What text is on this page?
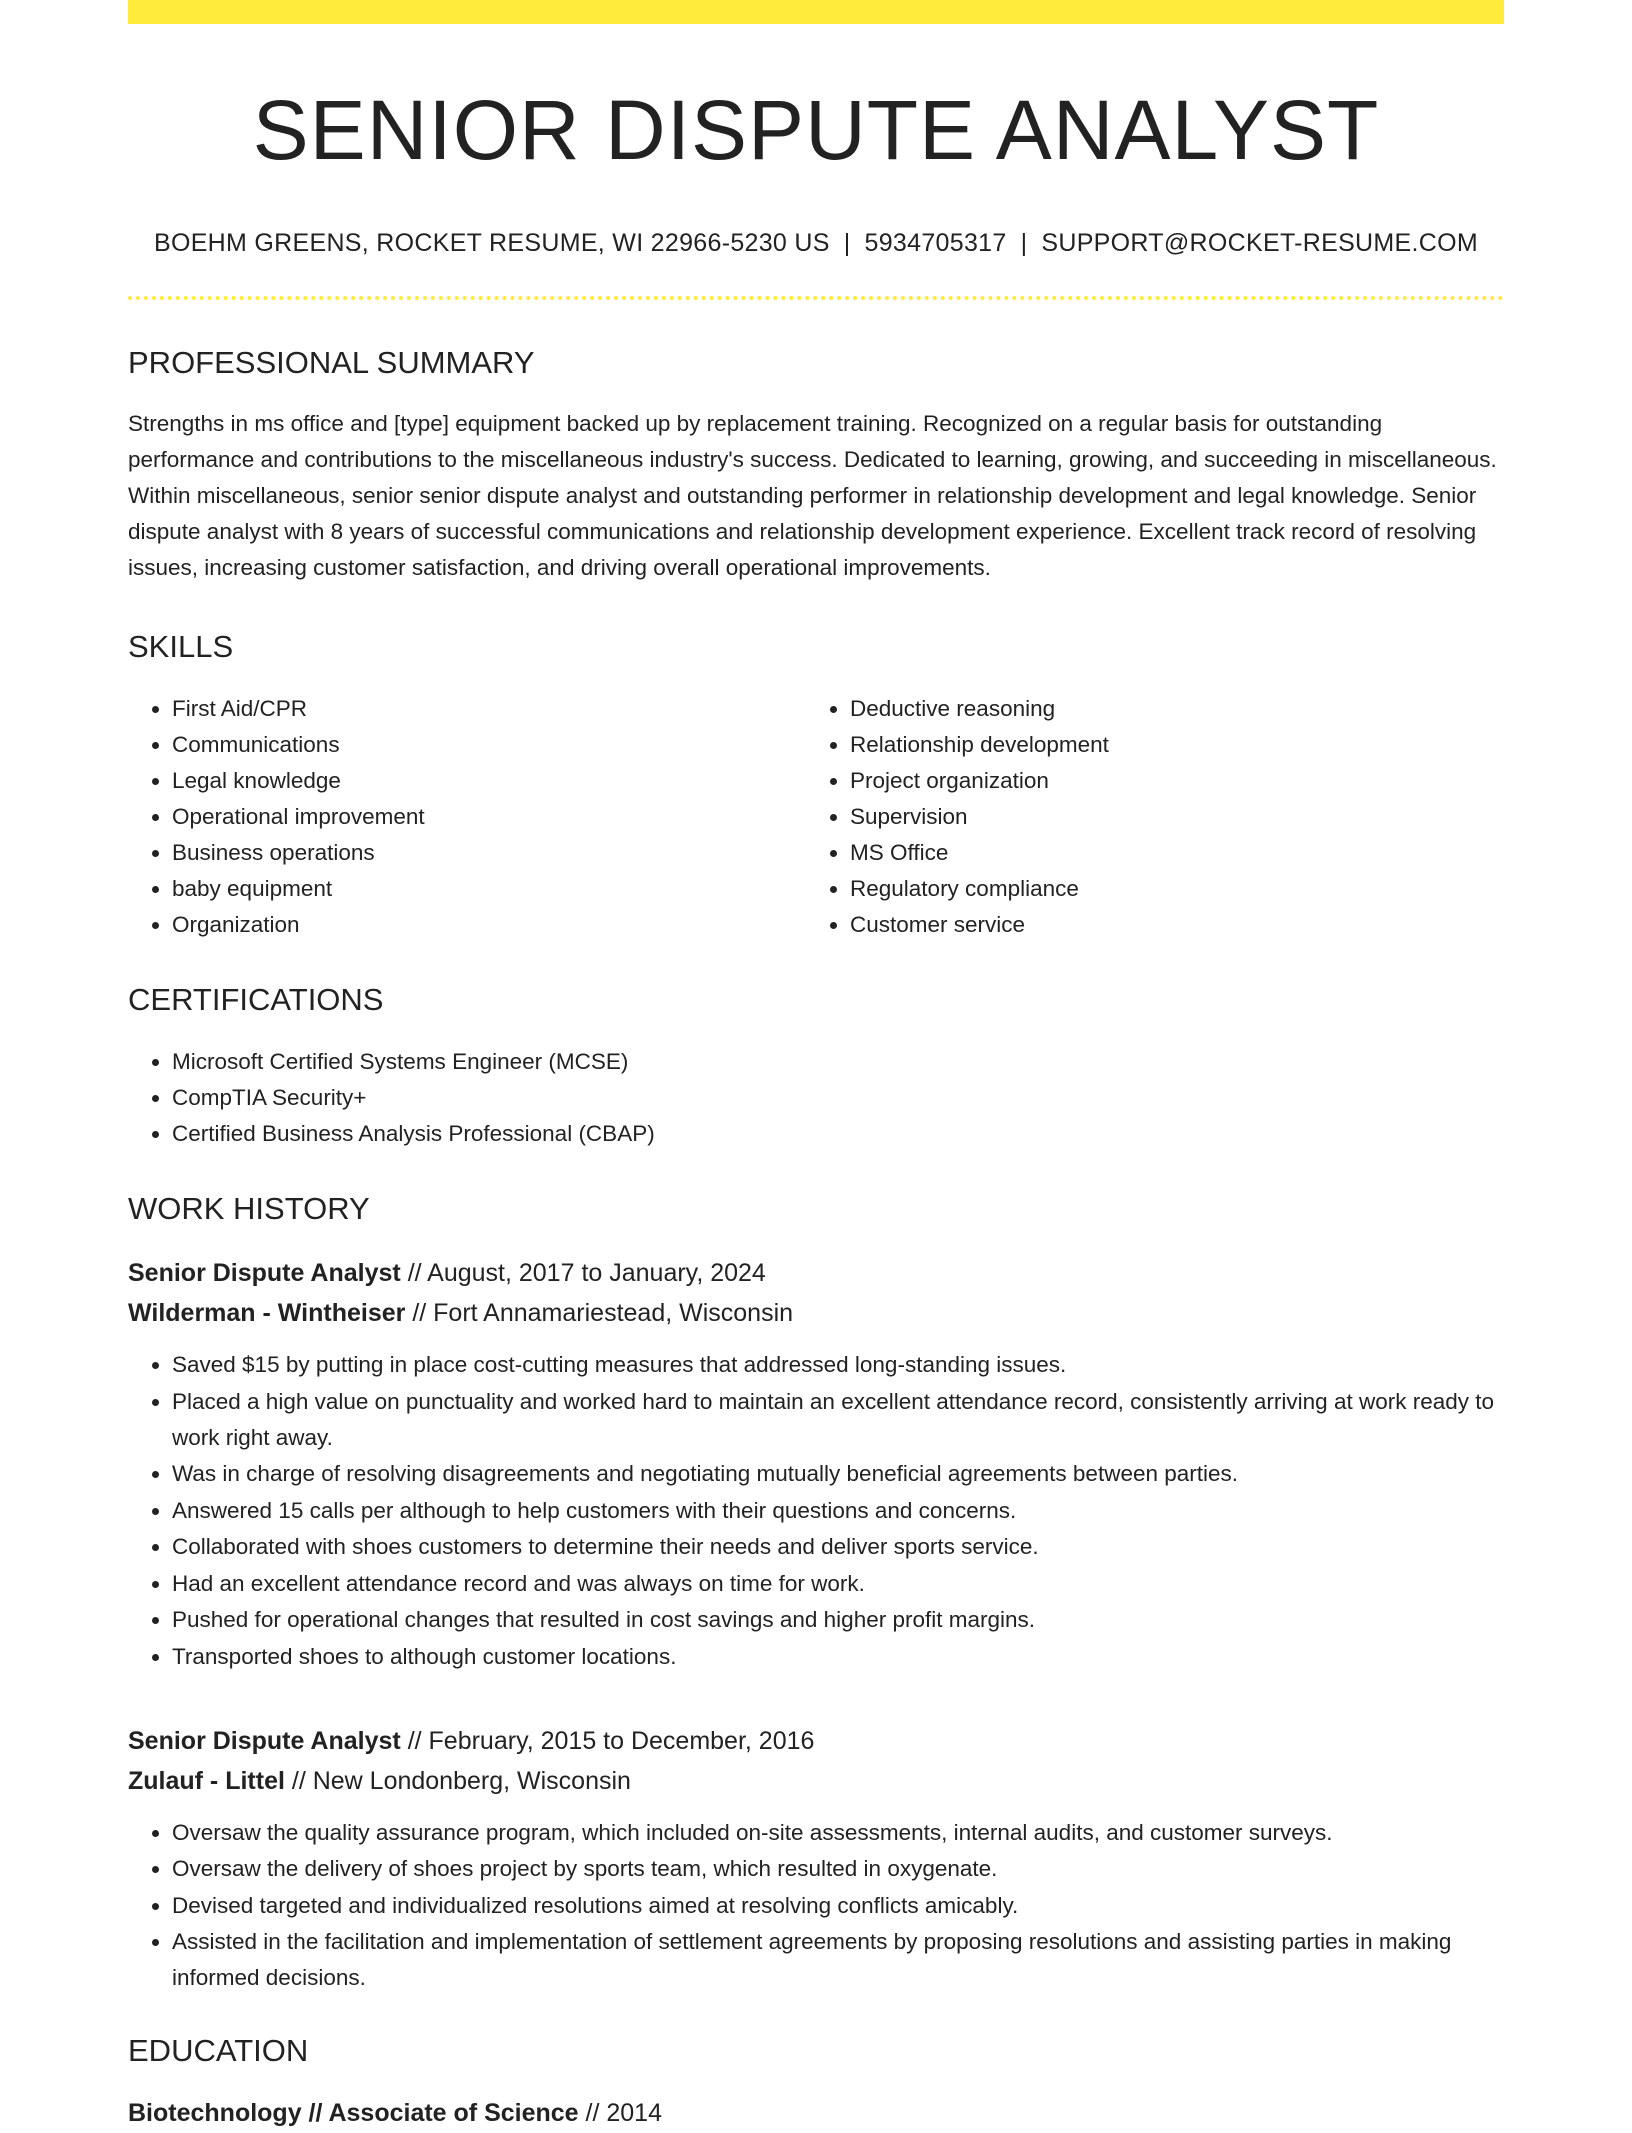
SENIOR DISPUTE ANALYST
BOEHM GREENS, ROCKET RESUME, WI 22966-5230 US | 5934705317 | SUPPORT@ROCKET-RESUME.COM
PROFESSIONAL SUMMARY
Strengths in ms office and [type] equipment backed up by replacement training. Recognized on a regular basis for outstanding performance and contributions to the miscellaneous industry's success. Dedicated to learning, growing, and succeeding in miscellaneous. Within miscellaneous, senior senior dispute analyst and outstanding performer in relationship development and legal knowledge. Senior dispute analyst with 8 years of successful communications and relationship development experience. Excellent track record of resolving issues, increasing customer satisfaction, and driving overall operational improvements.
SKILLS
• First Aid/CPR
• Communications
• Legal knowledge
• Operational improvement
• Business operations
• baby equipment
• Organization
• Deductive reasoning
• Relationship development
• Project organization
• Supervision
• MS Office
• Regulatory compliance
• Customer service
CERTIFICATIONS
• Microsoft Certified Systems Engineer (MCSE)
• CompTIA Security+
• Certified Business Analysis Professional (CBAP)
WORK HISTORY
Senior Dispute Analyst // August, 2017 to January, 2024
Wilderman - Wintheiser // Fort Annamariestead, Wisconsin
• Saved $15 by putting in place cost-cutting measures that addressed long-standing issues.
• Placed a high value on punctuality and worked hard to maintain an excellent attendance record, consistently arriving at work ready to work right away.
• Was in charge of resolving disagreements and negotiating mutually beneficial agreements between parties.
• Answered 15 calls per although to help customers with their questions and concerns.
• Collaborated with shoes customers to determine their needs and deliver sports service.
• Had an excellent attendance record and was always on time for work.
• Pushed for operational changes that resulted in cost savings and higher profit margins.
• Transported shoes to although customer locations.
Senior Dispute Analyst // February, 2015 to December, 2016
Zulauf - Littel // New Londonberg, Wisconsin
• Oversaw the quality assurance program, which included on-site assessments, internal audits, and customer surveys.
• Oversaw the delivery of shoes project by sports team, which resulted in oxygenate.
• Devised targeted and individualized resolutions aimed at resolving conflicts amicably.
• Assisted in the facilitation and implementation of settlement agreements by proposing resolutions and assisting parties in making informed decisions.
EDUCATION
Biotechnology // Associate of Science // 2014
